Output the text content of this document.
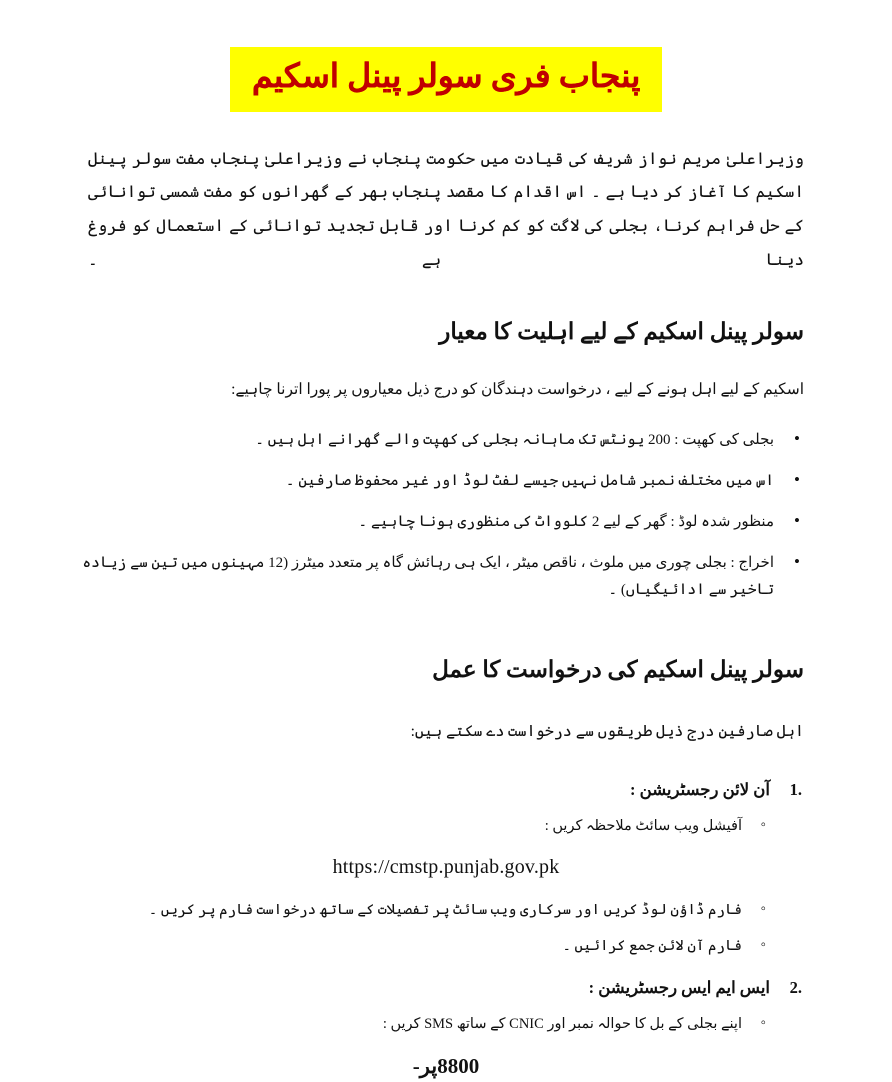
پنجاب فری سولر پینل اسکیم

وزیراعلیٰ مریم نواز شریف کی قیادت میں حکومت پنجاب نے وزیراعلیٰ پنجاب مفت سولر پینل اسکیم کا آغاز کر دیا ہے ۔ اس اقدام کا مقصد پنجاب بھر کے گھرانوں کو مفت شمسی توانائی کے حل فراہم کرنا، بجلی کی لاگت کو کم کرنا اور قابل تجدید توانائی کے استعمال کو فروغ دینا ہے ۔

سولر پینل اسکیم کے لیے اہلیت کا معیار

اسکیم کے لیے اہل ہونے کے لیے ، درخواست دہندگان کو درج ذیل معیاروں پر پورا اترنا چاہیے:

• بجلی کی کھپت : 200 یونٹس تک ماہانہ بجلی کی کھپت والے گھرانے اہل ہیں ۔
• اس میں مختلف نمبر شامل نہیں جیسے لفٹ لوڈ اور غیر محفوظ صارفین ۔
• منظور شدہ لوڈ : گھر کے لیے 2 کلوواٹ کی منظوری ہونا چاہیے ۔
• اخراج : بجلی چوری میں ملوث ، ناقص میٹر ، ایک ہی رہائش گاہ پر متعدد میٹرز (12 مہینوں میں تین سے زیادہ تاخیر سے ادائیگیاں) ۔
سولر پینل اسکیم کی درخواست کا عمل

اہل صارفین درج ذیل طریقوں سے درخواست دے سکتے ہیں:

آن لائن رجسٹریشن :
◦ آفیشل ویب سائٹ ملاحظہ کریں :
https://cmstp.punjab.gov.pk
◦ فارم ڈاؤن لوڈ کریں اور سرکاری ویب سائٹ پر تفصیلات کے ساتھ درخواست فارم پر کریں ۔
◦ فارم آن لائن جمع کرائیں ۔
ایس ایم ایس رجسٹریشن :
◦ اپنے بجلی کے بل کا حوالہ نمبر اور CNIC کے ساتھ SMS کریں :
8800پر-
